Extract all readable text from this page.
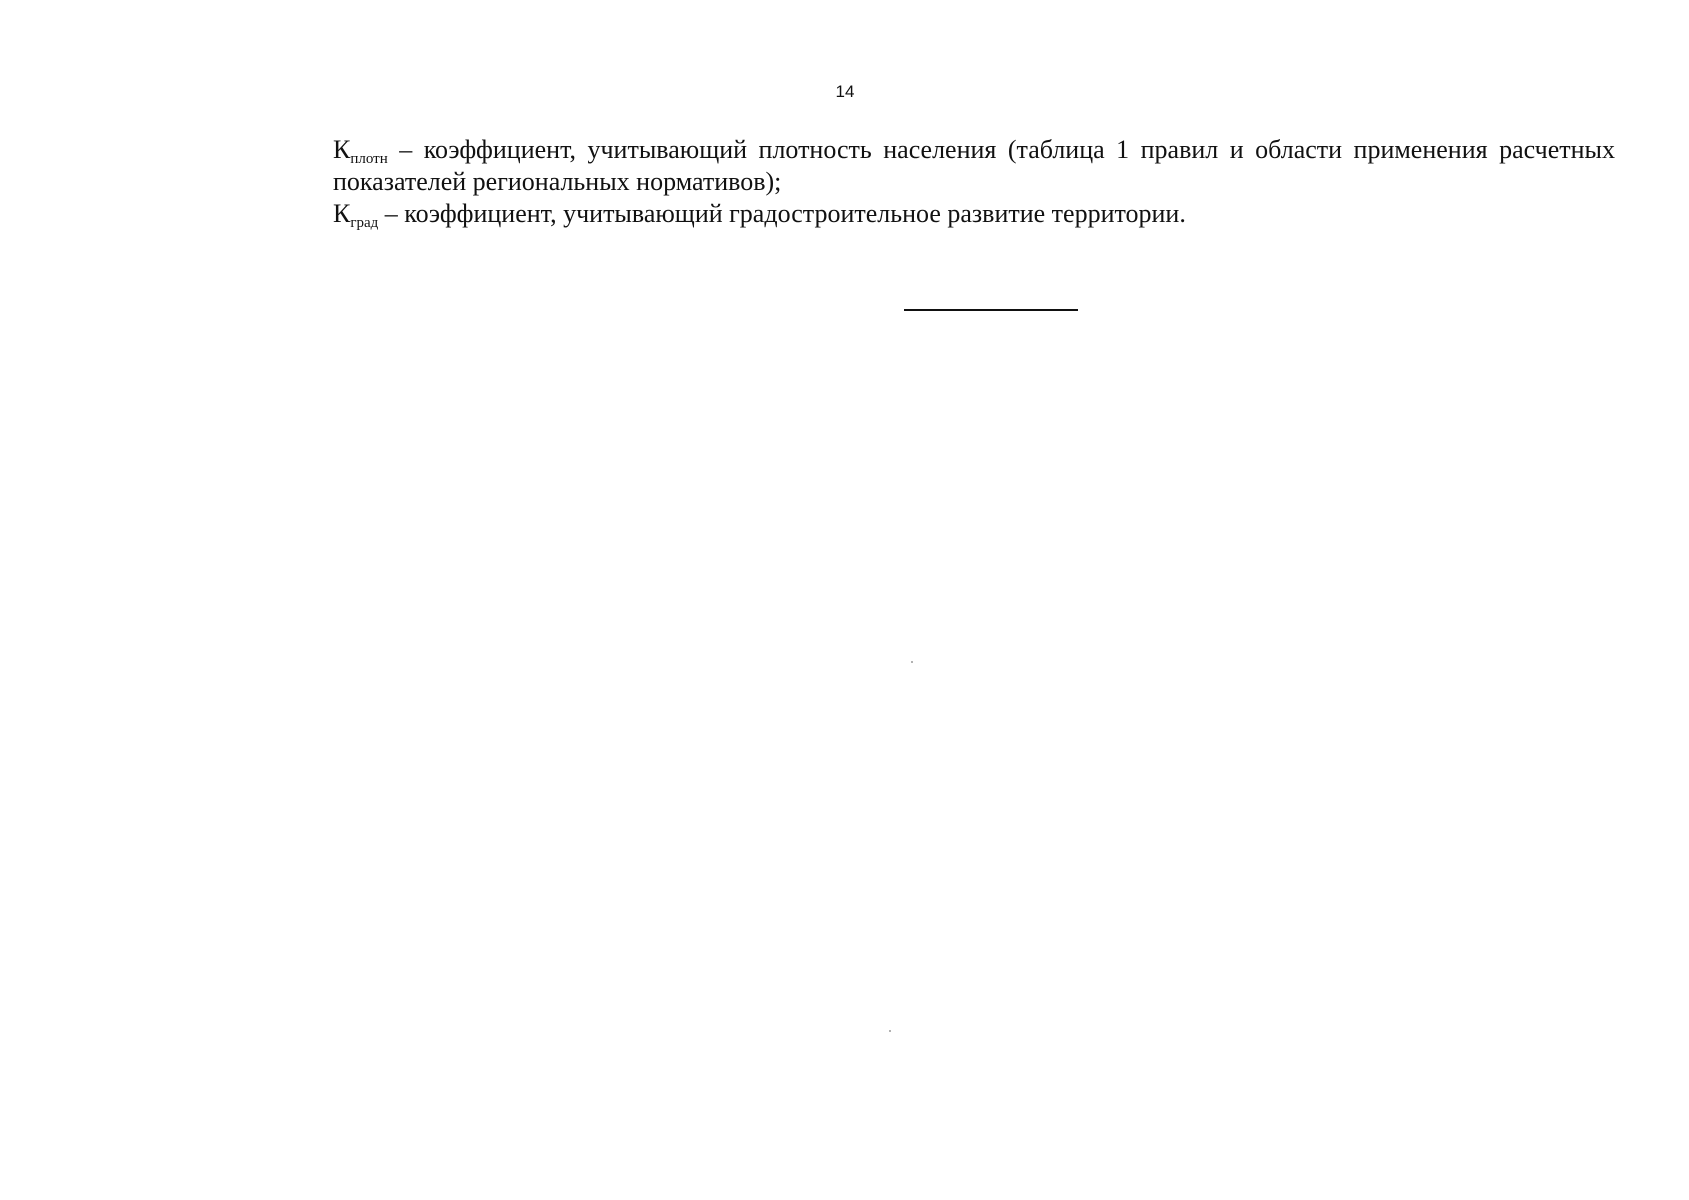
14

Кплотн – коэффициент, учитывающий плотность населения (таблица 1 правил и области применения расчетных показателей региональных нормативов);

Кград – коэффициент, учитывающий градостроительное развитие территории.
